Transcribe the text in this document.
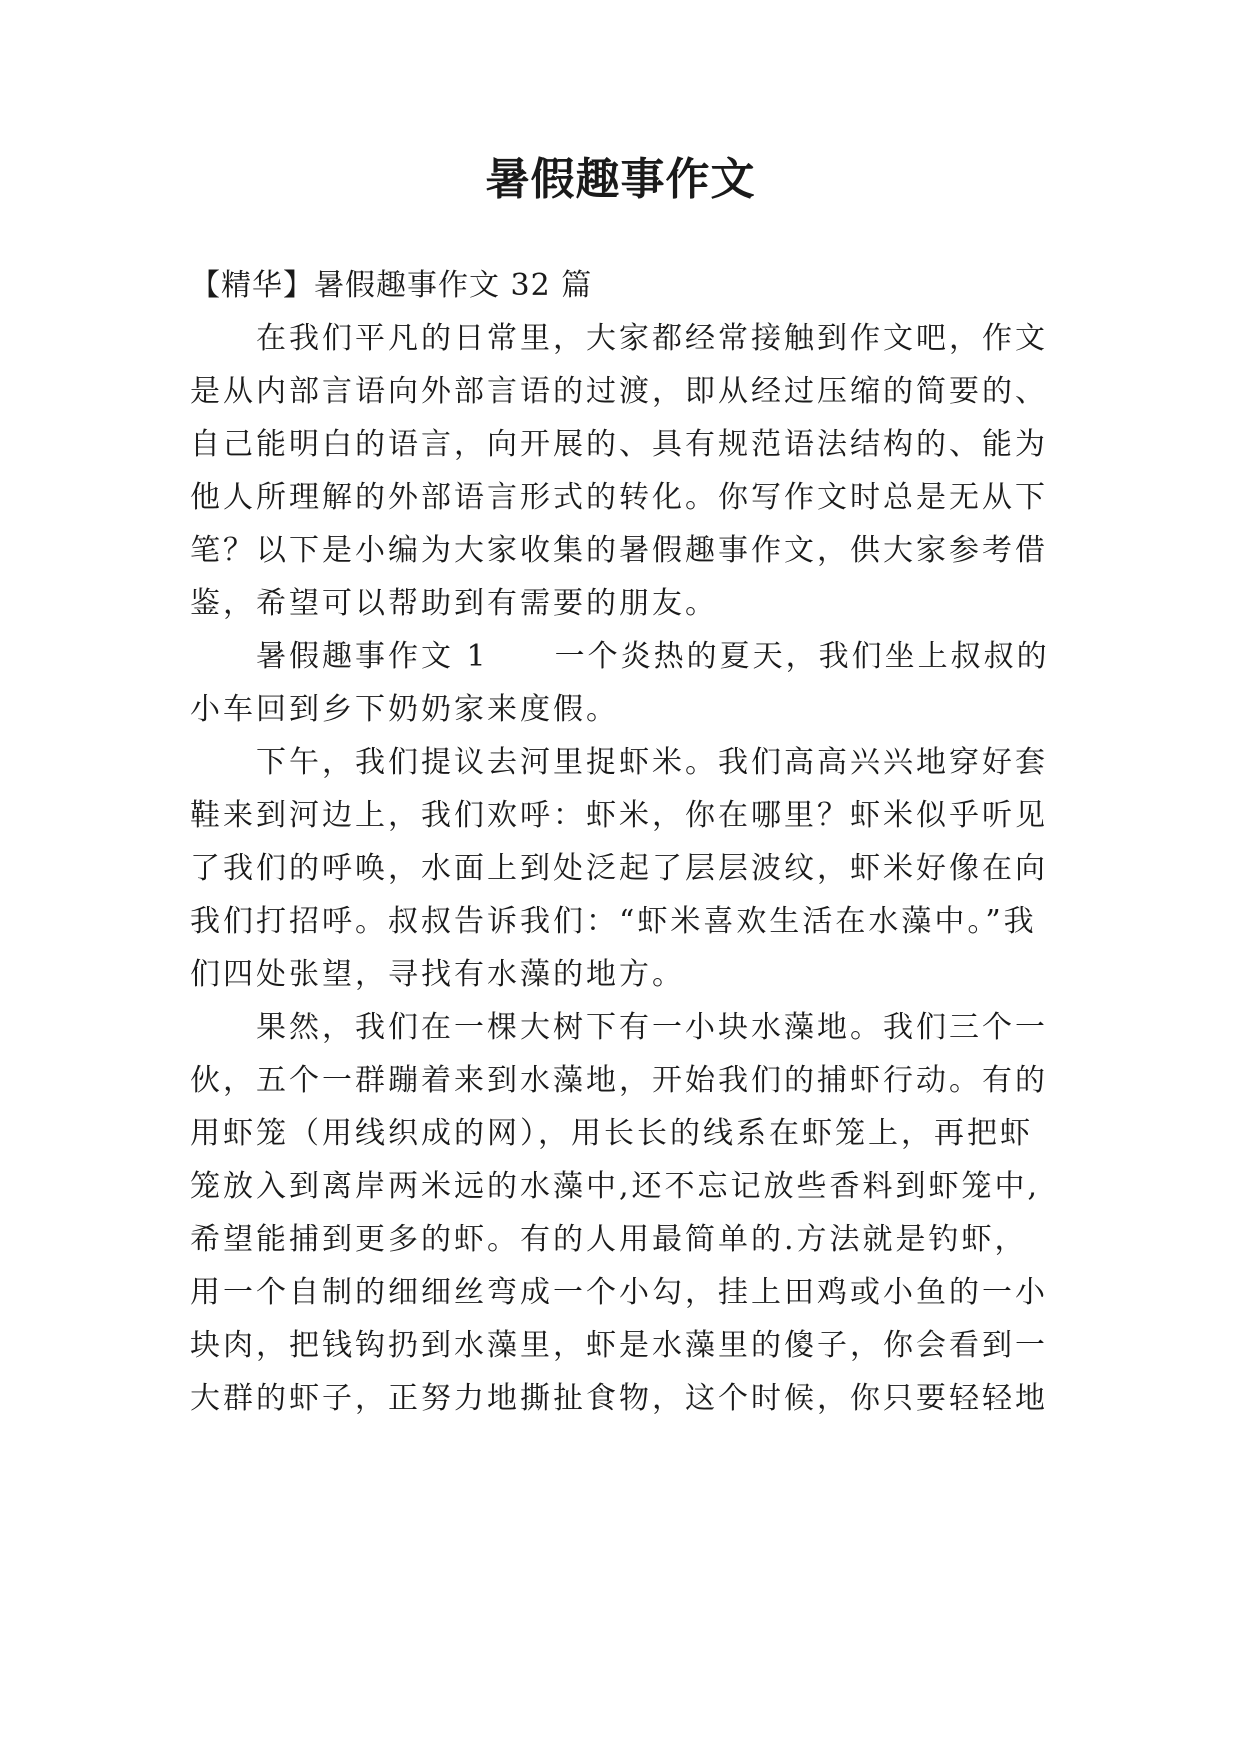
暑假趣事作文
【精华】暑假趣事作文 32 篇
在我们平凡的日常里，大家都经常接触到作文吧，作文
是从内部言语向外部言语的过渡，即从经过压缩的简要的、
自己能明白的语言，向开展的、具有规范语法结构的、能为
他人所理解的外部语言形式的转化。你写作文时总是无从下
笔？以下是小编为大家收集的暑假趣事作文，供大家参考借
鉴，希望可以帮助到有需要的朋友。
暑假趣事作文 1　　一个炎热的夏天，我们坐上叔叔的
小车回到乡下奶奶家来度假。
下午，我们提议去河里捉虾米。我们高高兴兴地穿好套
鞋来到河边上，我们欢呼：虾米，你在哪里？虾米似乎听见
了我们的呼唤，水面上到处泛起了层层波纹，虾米好像在向
我们打招呼。叔叔告诉我们：“虾米喜欢生活在水藻中。”我
们四处张望，寻找有水藻的地方。
果然，我们在一棵大树下有一小块水藻地。我们三个一
伙，五个一群蹦着来到水藻地，开始我们的捕虾行动。有的
用虾笼（用线织成的网），用长长的线系在虾笼上，再把虾
笼放入到离岸两米远的水藻中,还不忘记放些香料到虾笼中,
希望能捕到更多的虾。有的人用最简单的.方法就是钓虾，
用一个自制的细细丝弯成一个小勾，挂上田鸡或小鱼的一小
块肉，把钱钩扔到水藻里，虾是水藻里的傻子，你会看到一
大群的虾子，正努力地撕扯食物，这个时候，你只要轻轻地
